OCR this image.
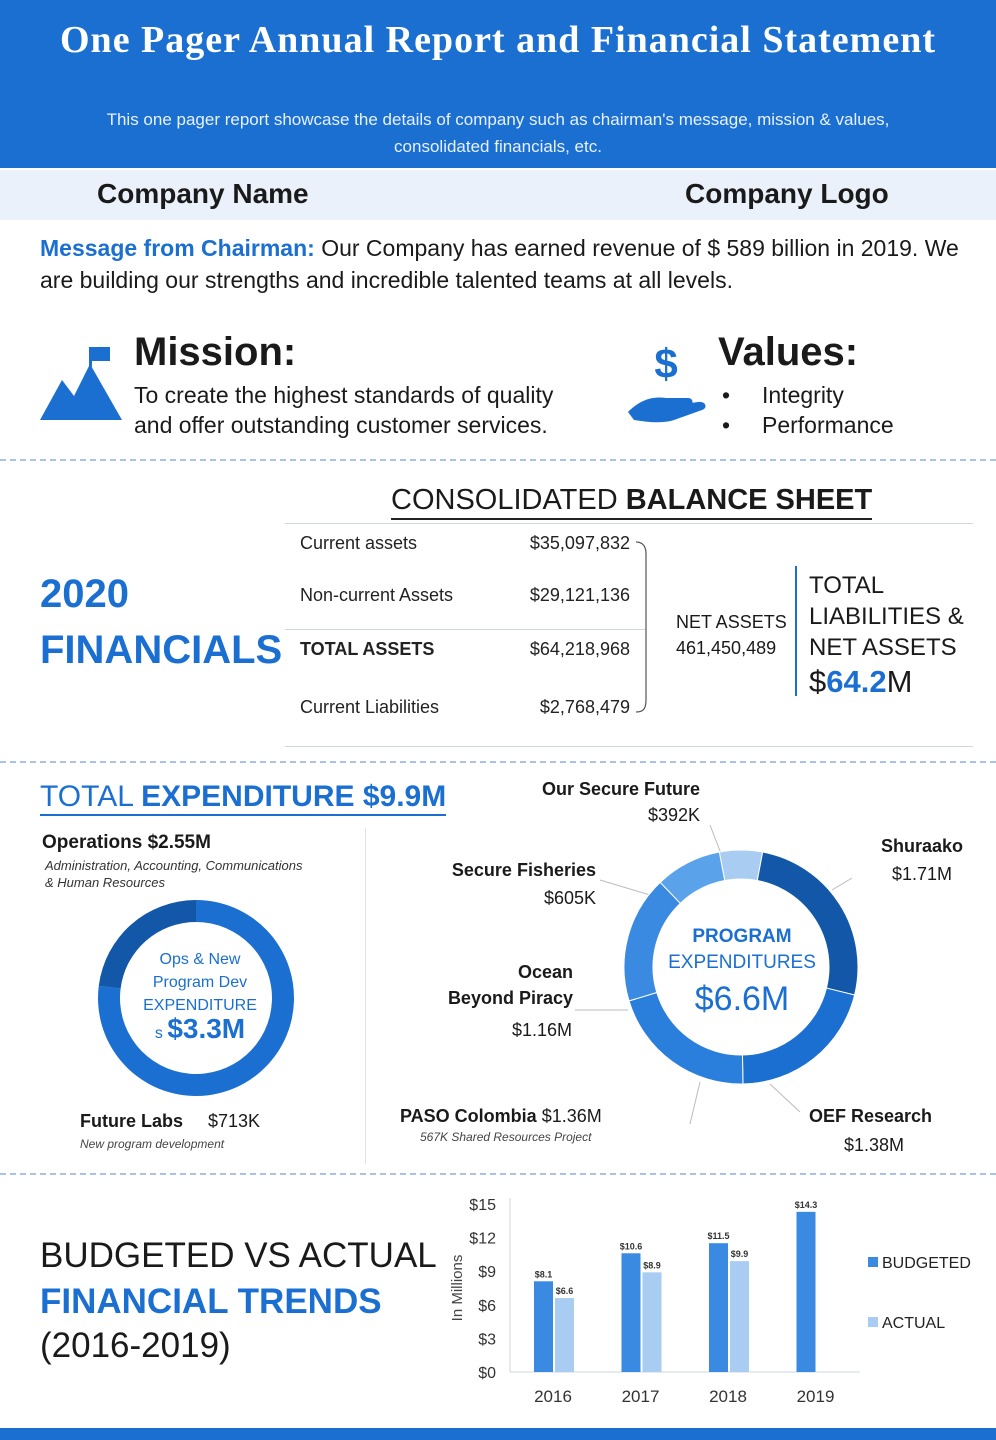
One Pager Annual Report and Financial Statement
This one pager report showcase the details of company such as chairman's message, mission & values, consolidated financials, etc.
Company Name	Company Logo
Message from Chairman: Our Company has earned revenue of $ 589 billion in 2019. We are building our strengths and incredible talented teams at all levels.
Mission:
To create the highest standards of quality and offer outstanding customer services.
$ Values:
• Integrity
• Performance
2020
FINANCIALS
CONSOLIDATED BALANCE SHEET
Current assets	$35,097,832
Non-current Assets	$29,121,136
TOTAL ASSETS	$64,218,968
Current Liabilities	$2,768,479
NET ASSETS
461,450,489
TOTAL LIABILITIES & NET ASSETS
$64.2M
TOTAL EXPENDITURE $9.9M
Operations $2.55M
Administration, Accounting, Communications & Human Resources
Ops & New
Program Dev
EXPENDITURE
s $3.3M
Future Labs $713K
New program development
PROGRAM
EXPENDITURES
$6.6M
Our Secure Future
$392K
Shuraako
$1.71M
OEF Research
$1.38M
PASO Colombia $1.36M
567K Shared Resources Project
Ocean
Beyond Piracy
$1.16M
Secure Fisheries
$605K
BUDGETED VS ACTUAL
FINANCIAL TRENDS
(2016-2019)
$0
$3
$6
$9
$12
$15
In Millions	$8.1
$6.6
2016
$10.6
$8.9
2017
$11.5
$9.9
2018
$14.3
2019
BUDGETED
ACTUAL
